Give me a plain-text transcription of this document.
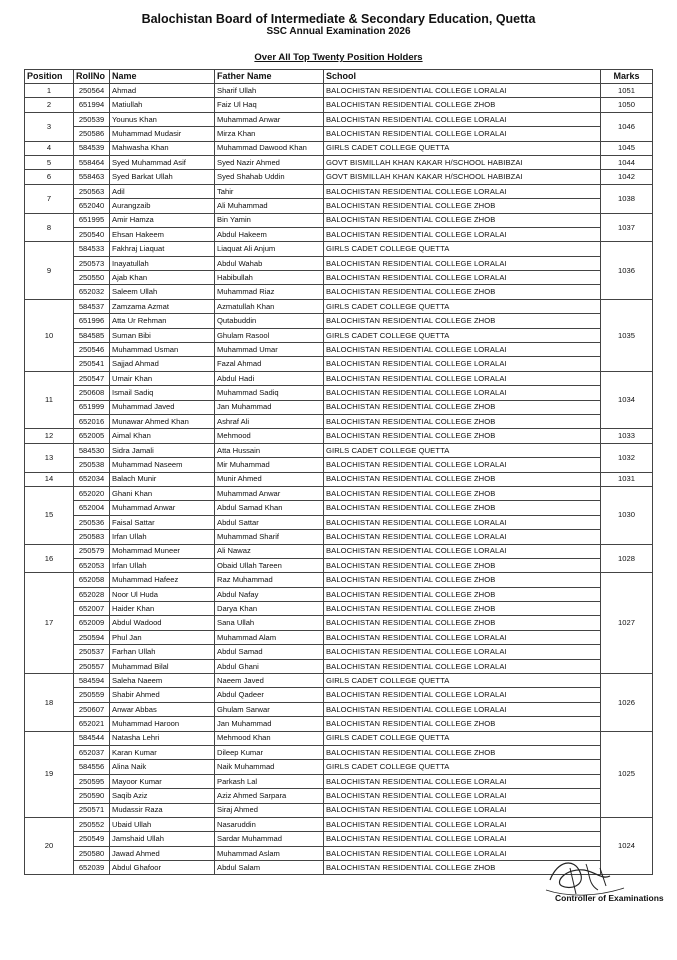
Balochistan Board of Intermediate & Secondary Education, Quetta
SSC Annual Examination 2026
Over All Top Twenty Position Holders
Position	RollNo	Name	Father Name	School	Marks
1	250564	Ahmad	Sharif Ullah	BALOCHISTAN RESIDENTIAL COLLEGE LORALAI	1051
2	651994	Matiullah	Faiz Ul Haq	BALOCHISTAN RESIDENTIAL COLLEGE ZHOB	1050
3	250539	Younus Khan	Muhammad Anwar	BALOCHISTAN RESIDENTIAL COLLEGE LORALAI	1046
	250586	Muhammad Mudasir	Mirza Khan	BALOCHISTAN RESIDENTIAL COLLEGE LORALAI	
4	584539	Mahwasha Khan	Muhammad Dawood Khan	GIRLS CADET COLLEGE QUETTA	1045
5	558464	Syed Muhammad Asif	Syed Nazir Ahmed	GOVT BISMILLAH KHAN KAKAR H/SCHOOL HABIBZAI	1044
6	558463	Syed Barkat Ullah	Syed Shahab Uddin	GOVT BISMILLAH KHAN KAKAR H/SCHOOL HABIBZAI	1042
7	250563	Adil	Tahir	BALOCHISTAN RESIDENTIAL COLLEGE LORALAI	1038
	652040	Aurangzaib	Ali Muhammad	BALOCHISTAN RESIDENTIAL COLLEGE ZHOB	
8	651995	Amir Hamza	Bin Yamin	BALOCHISTAN RESIDENTIAL COLLEGE ZHOB	1037
	250540	Ehsan Hakeem	Abdul Hakeem	BALOCHISTAN RESIDENTIAL COLLEGE LORALAI	
9	584533	Fakhraj Liaquat	Liaquat Ali Anjum	GIRLS CADET COLLEGE QUETTA	1036
	250573	Inayatullah	Abdul Wahab	BALOCHISTAN RESIDENTIAL COLLEGE LORALAI	
	250550	Ajab Khan	Habibullah	BALOCHISTAN RESIDENTIAL COLLEGE LORALAI	
	652032	Saleem Ullah	Muhammad Riaz	BALOCHISTAN RESIDENTIAL COLLEGE ZHOB	
10	584537	Zamzama Azmat	Azmatullah Khan	GIRLS CADET COLLEGE QUETTA	1035
	651996	Atta Ur Rehman	Qutabuddin	BALOCHISTAN RESIDENTIAL COLLEGE ZHOB	
	584585	Suman Bibi	Ghulam Rasool	GIRLS CADET COLLEGE QUETTA	
	250546	Muhammad Usman	Muhammad Umar	BALOCHISTAN RESIDENTIAL COLLEGE LORALAI	
	250541	Sajjad Ahmad	Fazal Ahmad	BALOCHISTAN RESIDENTIAL COLLEGE LORALAI	
11	250547	Umair Khan	Abdul Hadi	BALOCHISTAN RESIDENTIAL COLLEGE LORALAI	1034
	250608	Ismail Sadiq	Muhammad Sadiq	BALOCHISTAN RESIDENTIAL COLLEGE LORALAI	
	651999	Muhammad Javed	Jan Muhammad	BALOCHISTAN RESIDENTIAL COLLEGE ZHOB	
	652016	Munawar Ahmed Khan	Ashraf Ali	BALOCHISTAN RESIDENTIAL COLLEGE ZHOB	
12	652005	Aimal Khan	Mehmood	BALOCHISTAN RESIDENTIAL COLLEGE ZHOB	1033
13	584530	Sidra Jamali	Atta Hussain	GIRLS CADET COLLEGE QUETTA	1032
	250538	Muhammad Naseem	Mir Muhammad	BALOCHISTAN RESIDENTIAL COLLEGE LORALAI	
14	652034	Balach Munir	Munir Ahmed	BALOCHISTAN RESIDENTIAL COLLEGE ZHOB	1031
15	652020	Ghani Khan	Muhammad Anwar	BALOCHISTAN RESIDENTIAL COLLEGE ZHOB	1030
	652004	Muhammad Anwar	Abdul Samad Khan	BALOCHISTAN RESIDENTIAL COLLEGE ZHOB	
	250536	Faisal Sattar	Abdul Sattar	BALOCHISTAN RESIDENTIAL COLLEGE LORALAI	
	250583	Irfan Ullah	Muhammad Sharif	BALOCHISTAN RESIDENTIAL COLLEGE LORALAI	
16	250579	Mohammad Muneer	Ali Nawaz	BALOCHISTAN RESIDENTIAL COLLEGE LORALAI	1028
	652053	Irfan Ullah	Obaid Ullah Tareen	BALOCHISTAN RESIDENTIAL COLLEGE ZHOB	
17	652058	Muhammad Hafeez	Raz Muhammad	BALOCHISTAN RESIDENTIAL COLLEGE ZHOB	1027
	652028	Noor Ul Huda	Abdul Nafay	BALOCHISTAN RESIDENTIAL COLLEGE ZHOB	
	652007	Haider Khan	Darya Khan	BALOCHISTAN RESIDENTIAL COLLEGE ZHOB	
	652009	Abdul Wadood	Sana Ullah	BALOCHISTAN RESIDENTIAL COLLEGE ZHOB	
	250594	Phul Jan	Muhammad Alam	BALOCHISTAN RESIDENTIAL COLLEGE LORALAI	
	250537	Farhan Ullah	Abdul Samad	BALOCHISTAN RESIDENTIAL COLLEGE LORALAI	
	250557	Muhammad Bilal	Abdul Ghani	BALOCHISTAN RESIDENTIAL COLLEGE LORALAI	
18	584594	Saleha Naeem	Naeem Javed	GIRLS CADET COLLEGE QUETTA	1026
	250559	Shabir Ahmed	Abdul Qadeer	BALOCHISTAN RESIDENTIAL COLLEGE LORALAI	
	250607	Anwar Abbas	Ghulam Sarwar	BALOCHISTAN RESIDENTIAL COLLEGE LORALAI	
	652021	Muhammad Haroon	Jan Muhammad	BALOCHISTAN RESIDENTIAL COLLEGE ZHOB	
19	584544	Natasha Lehri	Mehmood Khan	GIRLS CADET COLLEGE QUETTA	1025
	652037	Karan Kumar	Dileep Kumar	BALOCHISTAN RESIDENTIAL COLLEGE ZHOB	
	584556	Alina Naik	Naik Muhammad	GIRLS CADET COLLEGE QUETTA	
	250595	Mayoor Kumar	Parkash Lal	BALOCHISTAN RESIDENTIAL COLLEGE LORALAI	
	250590	Saqib Aziz	Aziz Ahmed Sarpara	BALOCHISTAN RESIDENTIAL COLLEGE LORALAI	
	250571	Mudassir Raza	Siraj Ahmed	BALOCHISTAN RESIDENTIAL COLLEGE LORALAI	
20	250552	Ubaid Ullah	Nasaruddin	BALOCHISTAN RESIDENTIAL COLLEGE LORALAI	1024
	250549	Jamshaid Ullah	Sardar Muhammad	BALOCHISTAN RESIDENTIAL COLLEGE LORALAI	
	250580	Jawad Ahmed	Muhammad Aslam	BALOCHISTAN RESIDENTIAL COLLEGE LORALAI	
	652039	Abdul Ghafoor	Abdul Salam	BALOCHISTAN RESIDENTIAL COLLEGE ZHOB	
Controller of Examinations
